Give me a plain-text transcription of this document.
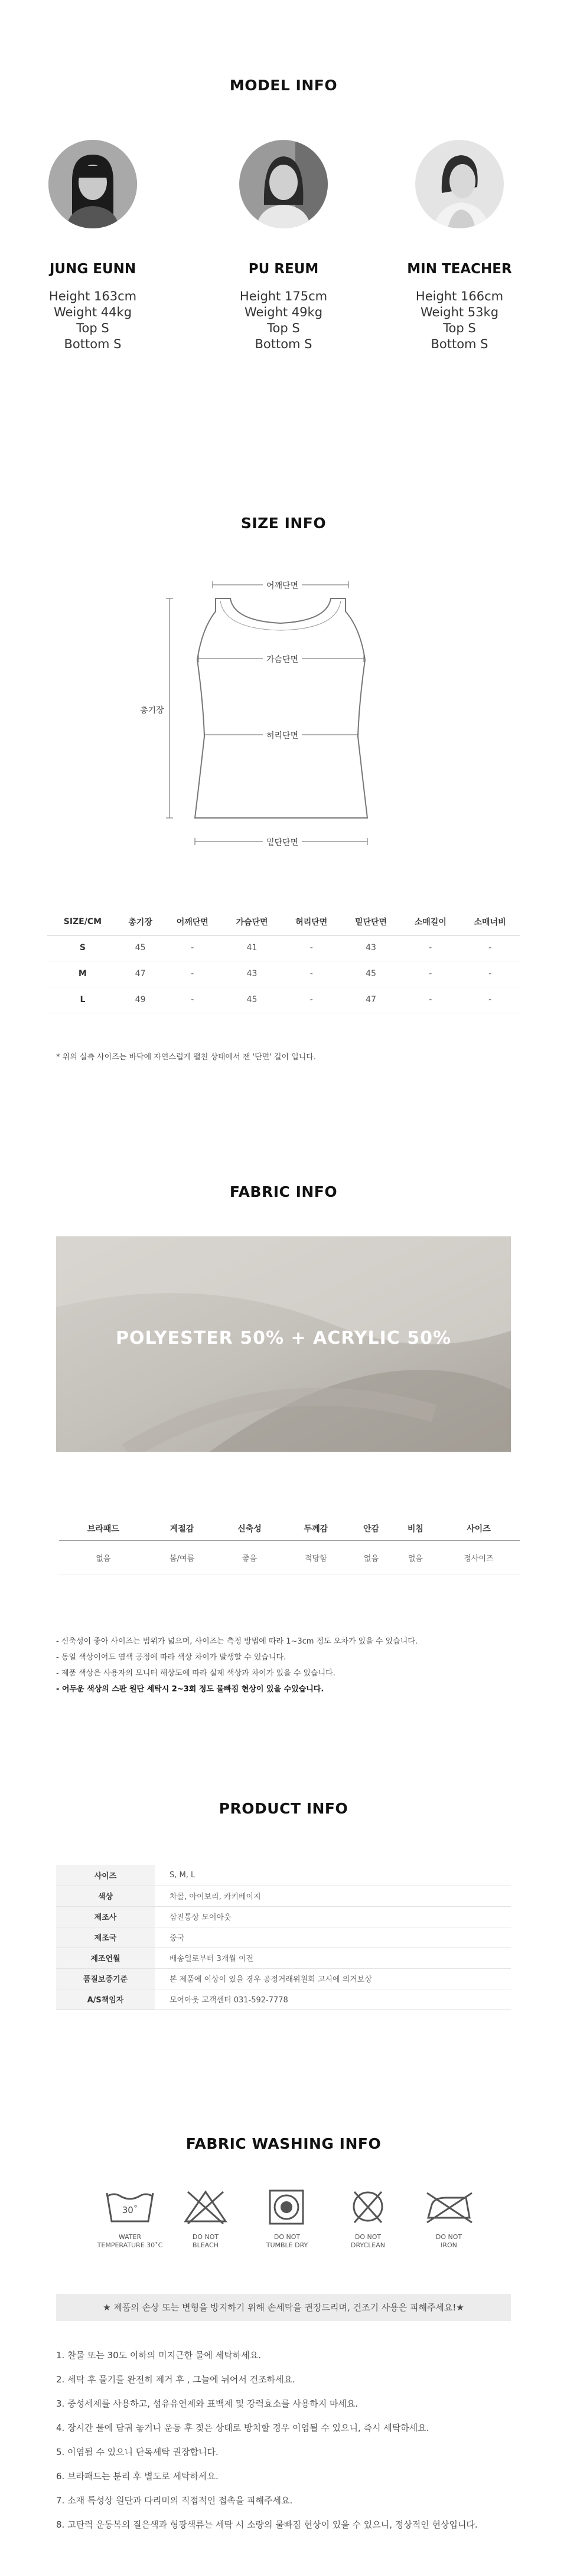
MODEL INFO
JUNG EUNN
Height 163cm
Weight 44kg
Top S
Bottom S
PU REUM
Height 175cm
Weight 49kg
Top S
Bottom S
MIN TEACHER
Height 166cm
Weight 53kg
Top S
Bottom S
SIZE INFO
어깨단면
가슴단면
허리단면
밑단단면
총기장
SIZE/CM	총기장	어깨단면	가슴단면	허리단면	밑단단면	소매길이	소매너비
S	45	-	41	-	43	-	-
M	47	-	43	-	45	-	-
L	49	-	45	-	47	-	-
* 위의 실측 사이즈는 바닥에 자연스럽게 펼친 상태에서 잰 '단면' 길이 입니다.
FABRIC INFO
POLYESTER 50% + ACRYLIC 50%
브라패드	계절감	신축성	두께감	안감	비침	사이즈
없음	봄/여름	좋음	적당함	없음	없음	정사이즈
- 신축성이 좋아 사이즈는 범위가 넓으며, 사이즈는 측정 방법에 따라 1~3cm 정도 오차가 있을 수 있습니다.
- 동일 색상이어도 염색 공정에 따라 색상 차이가 발생할 수 있습니다.
- 제품 색상은 사용자의 모니터 해상도에 따라 실제 색상과 차이가 있을 수 있습니다.
- 어두운 색상의 스판 원단 세탁시 2~3회 정도 물빠짐 현상이 있을 수있습니다.
PRODUCT INFO
사이즈	S, M, L
색상	차콜, 아이보리, 카키베이지
제조사	삼진통상 모어아웃
제조국	중국
제조연월	배송일로부터 3개월 이전
품질보증기준	본 제품에 이상이 있을 경우 공정거래위원회 고시에 의거보상
A/S책임자	모어아웃 고객센터 031-592-7778
FABRIC WASHING INFO
30˚
WATER
TEMPERATURE 30˚C
DO NOT
BLEACH
DO NOT
TUMBLE DRY
DO NOT
DRYCLEAN
DO NOT
IRON
★ 제품의 손상 또는 변형을 방지하기 위해 손세탁을 권장드리며, 건조기 사용은 피해주세요!★
1. 찬물 또는 30도 이하의 미지근한 물에 세탁하세요.
2. 세탁 후 물기를 완전히 제거 후 , 그늘에 뉘어서 건조하세요.
3. 중성세제를 사용하고, 섬유유연제와 표백제 및 강력효소를 사용하지 마세요.
4. 장시간 물에 담궈 놓거나 운동 후 젖은 상태로 방치할 경우 이염될 수 있으니, 즉시 세탁하세요.
5. 이염될 수 있으니 단독세탁 권장합니다.
6. 브라패드는 분리 후 별도로 세탁하세요.
7. 소재 특성상 원단과 다리미의 직접적인 접촉을 피해주세요.
8. 고탄력 운동복의 질은색과 형광색류는 세탁 시 소량의 물빠짐 현상이 있을 수 있으니, 정상적인 현상입니다.
